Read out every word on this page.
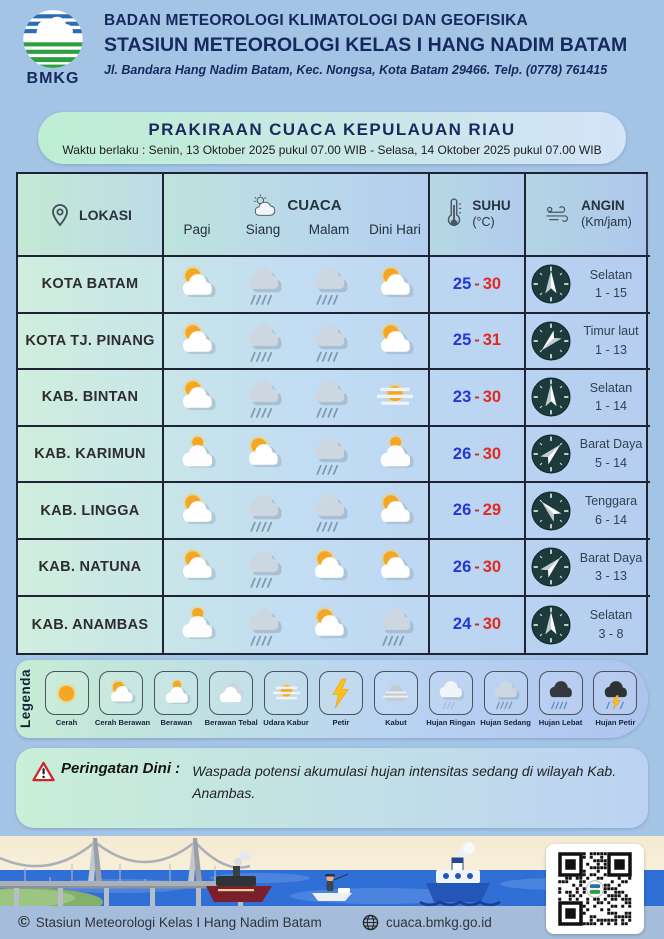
BMKG
BADAN METEOROLOGI KLIMATOLOGI DAN GEOFISIKA
STASIUN METEOROLOGI KELAS I HANG NADIM BATAM
Jl. Bandara Hang Nadim Batam, Kec. Nongsa, Kota Batam 29466. Telp. (0778) 761415
PRAKIRAAN CUACA KEPULAUAN RIAU
Waktu berlaku : Senin, 13 Oktober 2025 pukul 07.00 WIB - Selasa, 14 Oktober 2025 pukul 07.00 WIB
LOKASI
CUACA
Pagi	Siang	Malam	Dini Hari
SUHU
(°C)
ANGIN
(Km/jam)
KOTA BATAM	25 - 30
Selatan
1 - 15
KOTA TJ. PINANG	25 - 31
Timur laut
1 - 13
KAB. BINTAN	23 - 30
Selatan
1 - 14
KAB. KARIMUN	26 - 30
Barat Daya
5 - 14
KAB. LINGGA	26 - 29
Tenggara
6 - 14
KAB. NATUNA	26 - 30
Barat Daya
3 - 13
KAB. ANAMBAS	24 - 30
Selatan
3 - 8
Legenda	Cerah	Cerah Berawan	Berawan	Berawan Tebal Udara Kabur	Petir	Kabut	Hujan Ringan Hujan Sedang	Hujan Lebat	Hujan Petir
Peringatan Dini : Waspada potensi akumulasi hujan intensitas sedang di wilayah Kab. Anambas.
© Stasiun Meteorologi Kelas I Hang Nadim Batam	cuaca.bmkg.go.id
